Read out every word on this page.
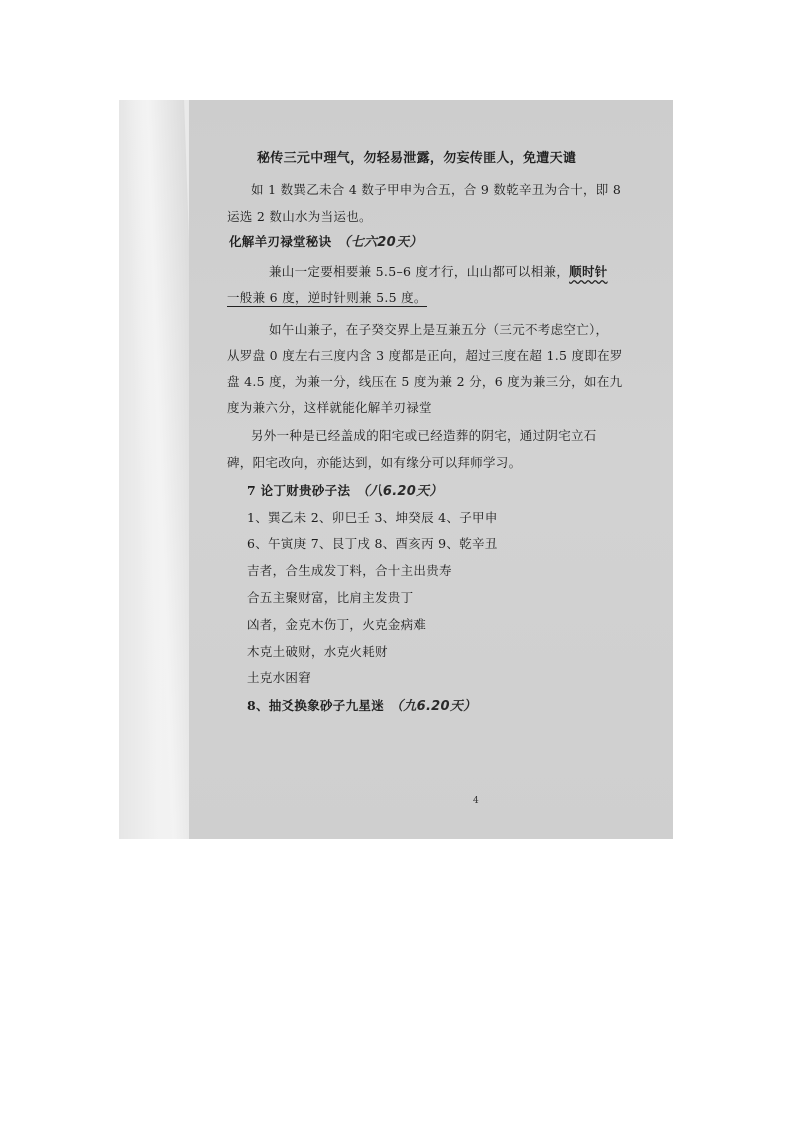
秘传三元中理气，勿轻易泄露，勿妄传匪人，免遭天谴
如 1 数巽乙未合 4 数子甲申为合五，合 9 数乾辛丑为合十，即 8
运选 2 数山水为当运也。
化解羊刃禄堂秘诀 （七六20天）
兼山一定要相要兼 5.5–6 度才行，山山都可以相兼，顺时针
一般兼 6 度，逆时针则兼 5.5 度。
如午山兼子，在子癸交界上是互兼五分（三元不考虑空亡），
从罗盘 0 度左右三度内含 3 度都是正向，超过三度在超 1.5 度即在罗
盘 4.5 度，为兼一分，线压在 5 度为兼 2 分，6 度为兼三分，如在九
度为兼六分，这样就能化解羊刃禄堂
另外一种是已经盖成的阳宅或已经造葬的阴宅，通过阴宅立石
碑，阳宅改向，亦能达到，如有缘分可以拜师学习。
7 论丁财贵砂子法 （八6.20天）
1、巽乙未 2、卯巳壬 3、坤癸辰 4、子甲申
6、午寅庚 7、艮丁戌 8、酉亥丙 9、乾辛丑
吉者，合生成发丁料，合十主出贵寿
合五主聚财富，比肩主发贵丁
凶者，金克木伤丁，火克金病难
木克土破财，水克火耗财
土克水困窘
8、抽爻换象砂子九星迷 （九6.20天）
4
